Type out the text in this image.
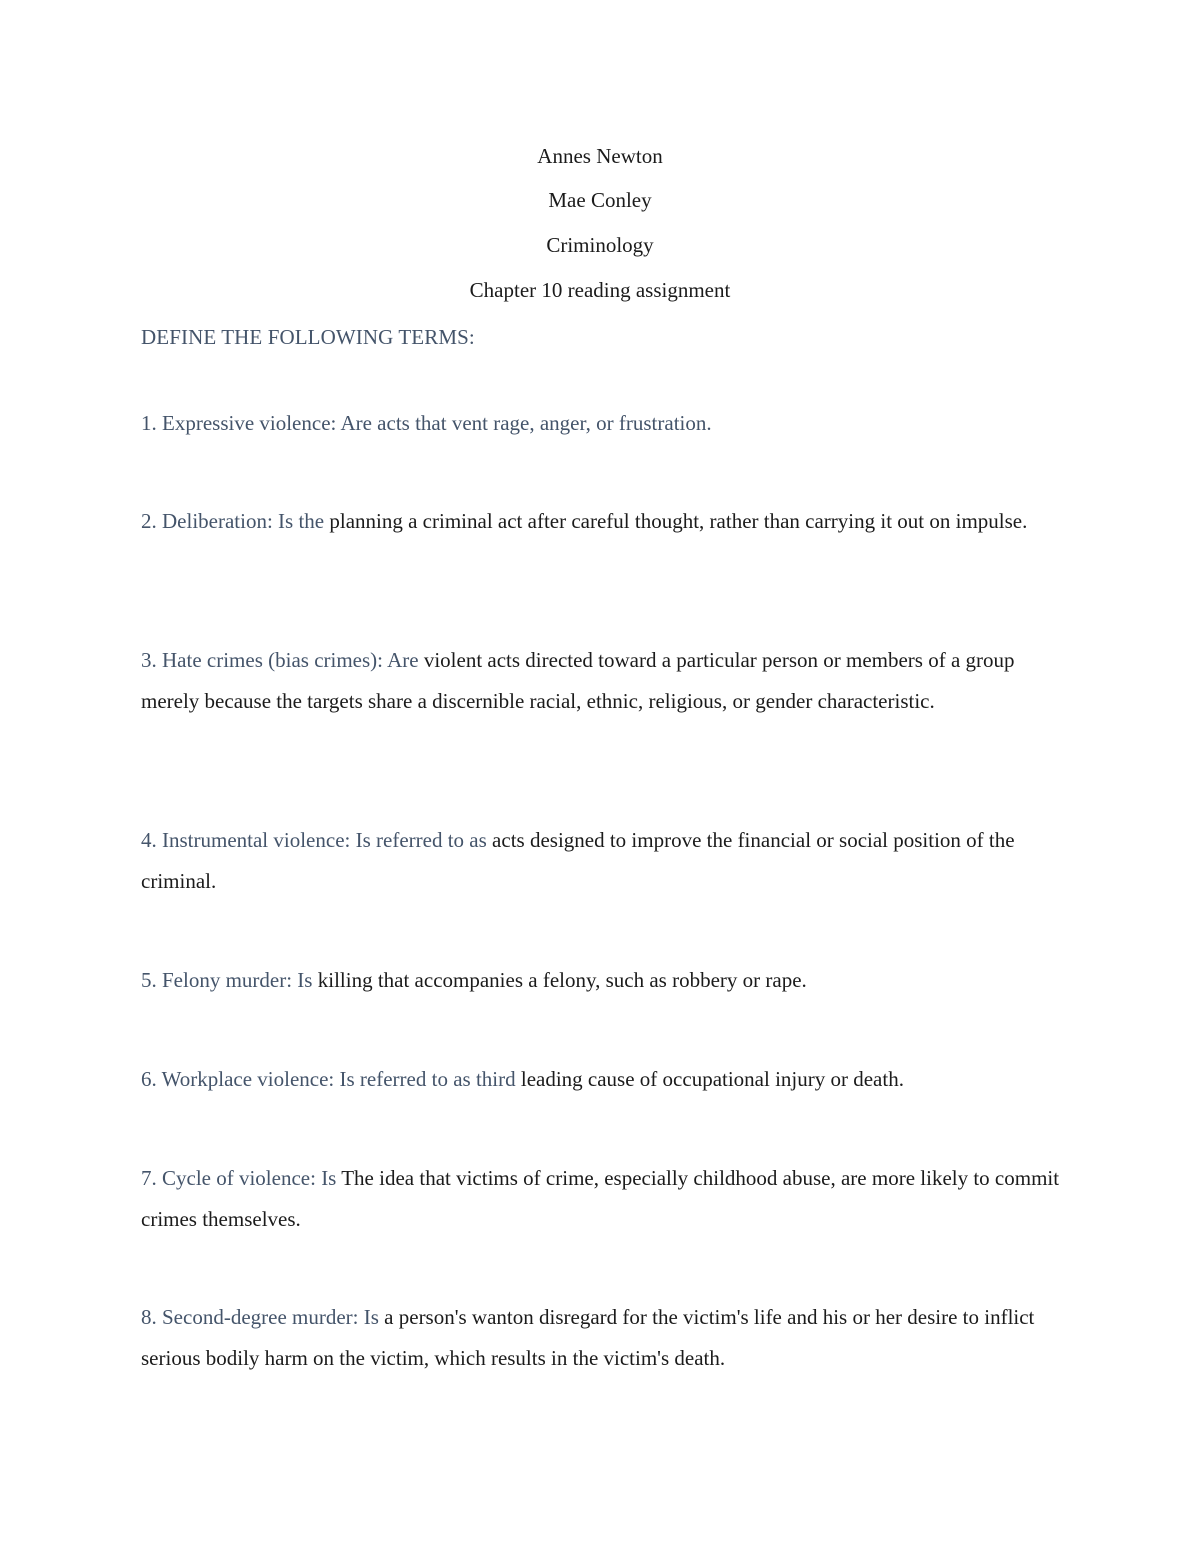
Annes Newton
Mae Conley
Criminology
Chapter 10 reading assignment
DEFINE THE FOLLOWING TERMS:
1. Expressive violence: Are acts that vent rage, anger, or frustration.
2. Deliberation: Is the planning a criminal act after careful thought, rather than carrying it out on impulse.
3. Hate crimes (bias crimes): Are violent acts directed toward a particular person or members of a group merely because the targets share a discernible racial, ethnic, religious, or gender characteristic.
4. Instrumental violence: Is referred to as acts designed to improve the financial or social position of the criminal.
5. Felony murder: Is killing that accompanies a felony, such as robbery or rape.
6. Workplace violence: Is referred to as third leading cause of occupational injury or death.
7. Cycle of violence: Is The idea that victims of crime, especially childhood abuse, are more likely to commit crimes themselves.
8. Second-degree murder: Is a person's wanton disregard for the victim's life and his or her desire to inflict serious bodily harm on the victim, which results in the victim's death.
